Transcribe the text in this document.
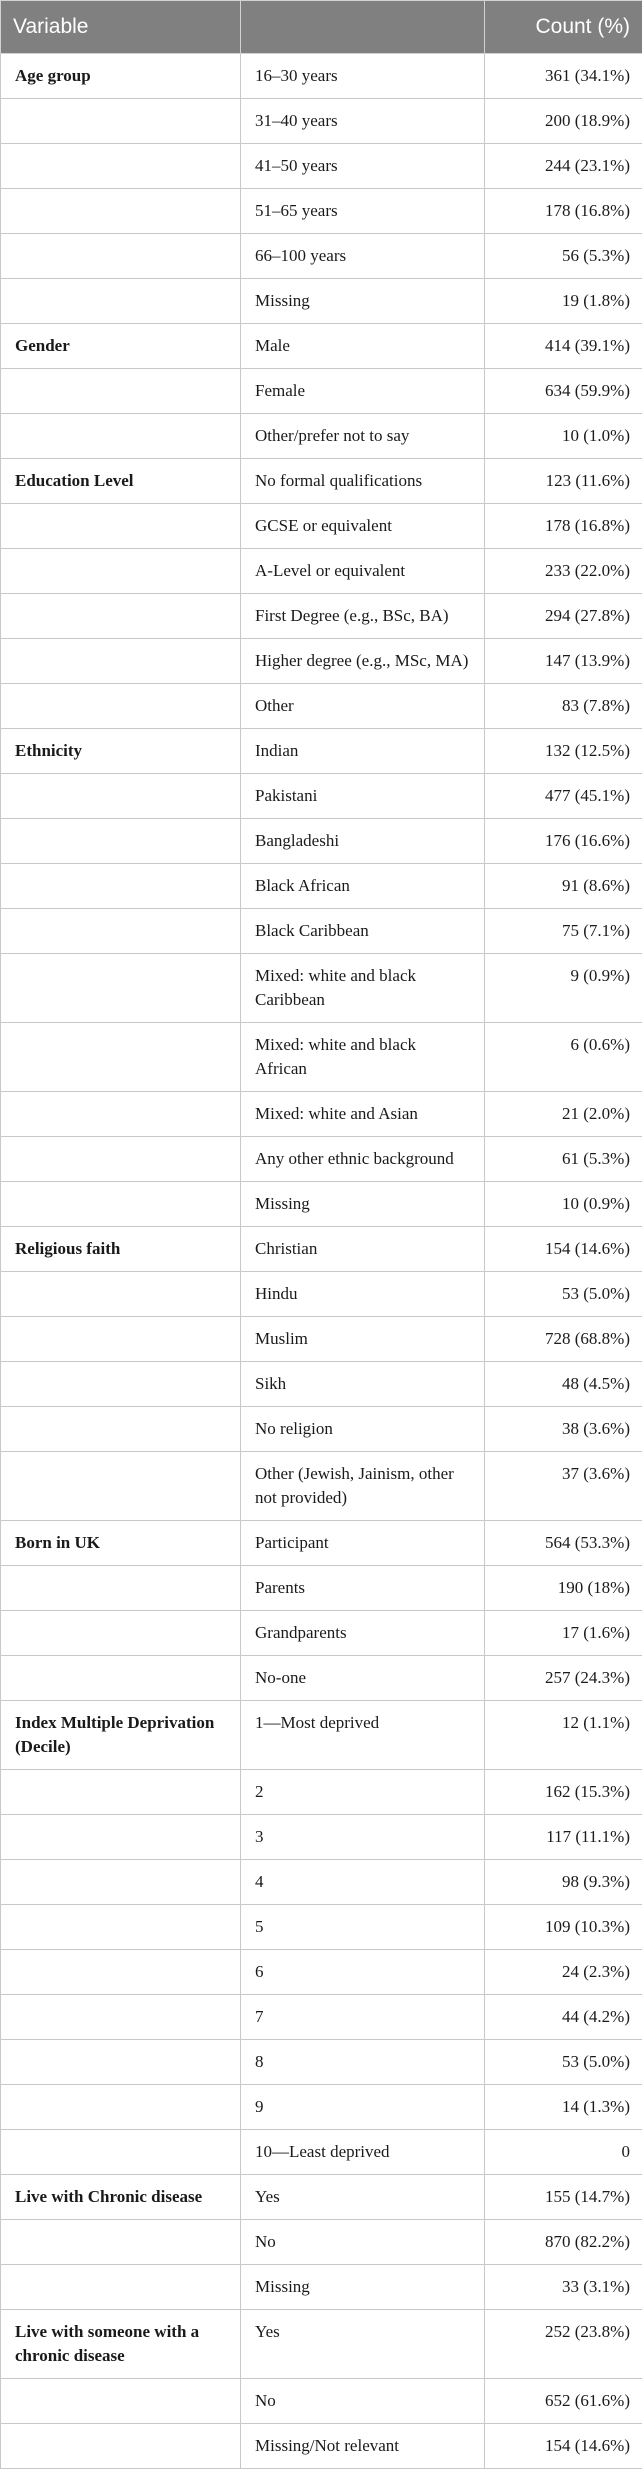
Variable		Count (%)
Age group	16–30 years	361 (34.1%)
	31–40 years	200 (18.9%)
	41–50 years	244 (23.1%)
	51–65 years	178 (16.8%)
	66–100 years	56 (5.3%)
	Missing	19 (1.8%)
Gender	Male	414 (39.1%)
	Female	634 (59.9%)
	Other/prefer not to say	10 (1.0%)
Education Level	No formal qualifications	123 (11.6%)
	GCSE or equivalent	178 (16.8%)
	A-Level or equivalent	233 (22.0%)
	First Degree (e.g., BSc, BA)	294 (27.8%)
	Higher degree (e.g., MSc, MA)	147 (13.9%)
	Other	83 (7.8%)
Ethnicity	Indian	132 (12.5%)
	Pakistani	477 (45.1%)
	Bangladeshi	176 (16.6%)
	Black African	91 (8.6%)
	Black Caribbean	75 (7.1%)
	Mixed: white and black Caribbean	9 (0.9%)
	Mixed: white and black African	6 (0.6%)
	Mixed: white and Asian	21 (2.0%)
	Any other ethnic background	61 (5.3%)
	Missing	10 (0.9%)
Religious faith	Christian	154 (14.6%)
	Hindu	53 (5.0%)
	Muslim	728 (68.8%)
	Sikh	48 (4.5%)
	No religion	38 (3.6%)
	Other (Jewish, Jainism, other not provided)	37 (3.6%)
Born in UK	Participant	564 (53.3%)
	Parents	190 (18%)
	Grandparents	17 (1.6%)
	No-one	257 (24.3%)
Index Multiple Deprivation (Decile)	1—Most deprived	12 (1.1%)
	2	162 (15.3%)
	3	117 (11.1%)
	4	98 (9.3%)
	5	109 (10.3%)
	6	24 (2.3%)
	7	44 (4.2%)
	8	53 (5.0%)
	9	14 (1.3%)
	10—Least deprived	0
Live with Chronic disease	Yes	155 (14.7%)
	No	870 (82.2%)
	Missing	33 (3.1%)
Live with someone with a chronic disease	Yes	252 (23.8%)
	No	652 (61.6%)
	Missing/Not relevant	154 (14.6%)
